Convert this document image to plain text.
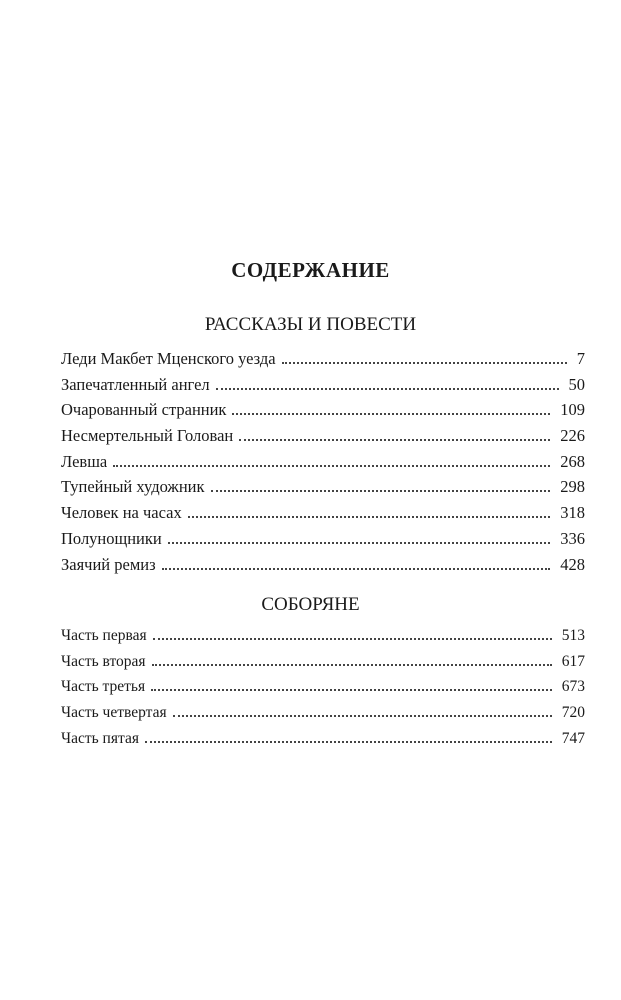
СОДЕРЖАНИЕ
РАССКАЗЫ И ПОВЕСТИ
Леди Макбет Мценского уезда	7
Запечатленный ангел	50
Очарованный странник	109
Несмертельный Голован	226
Левша	268
Тупейный художник	298
Человек на часах	318
Полунощники	336
Заячий ремиз	428
СОБОРЯНЕ
Часть первая	513
Часть вторая	617
Часть третья	673
Часть четвертая	720
Часть пятая	747
